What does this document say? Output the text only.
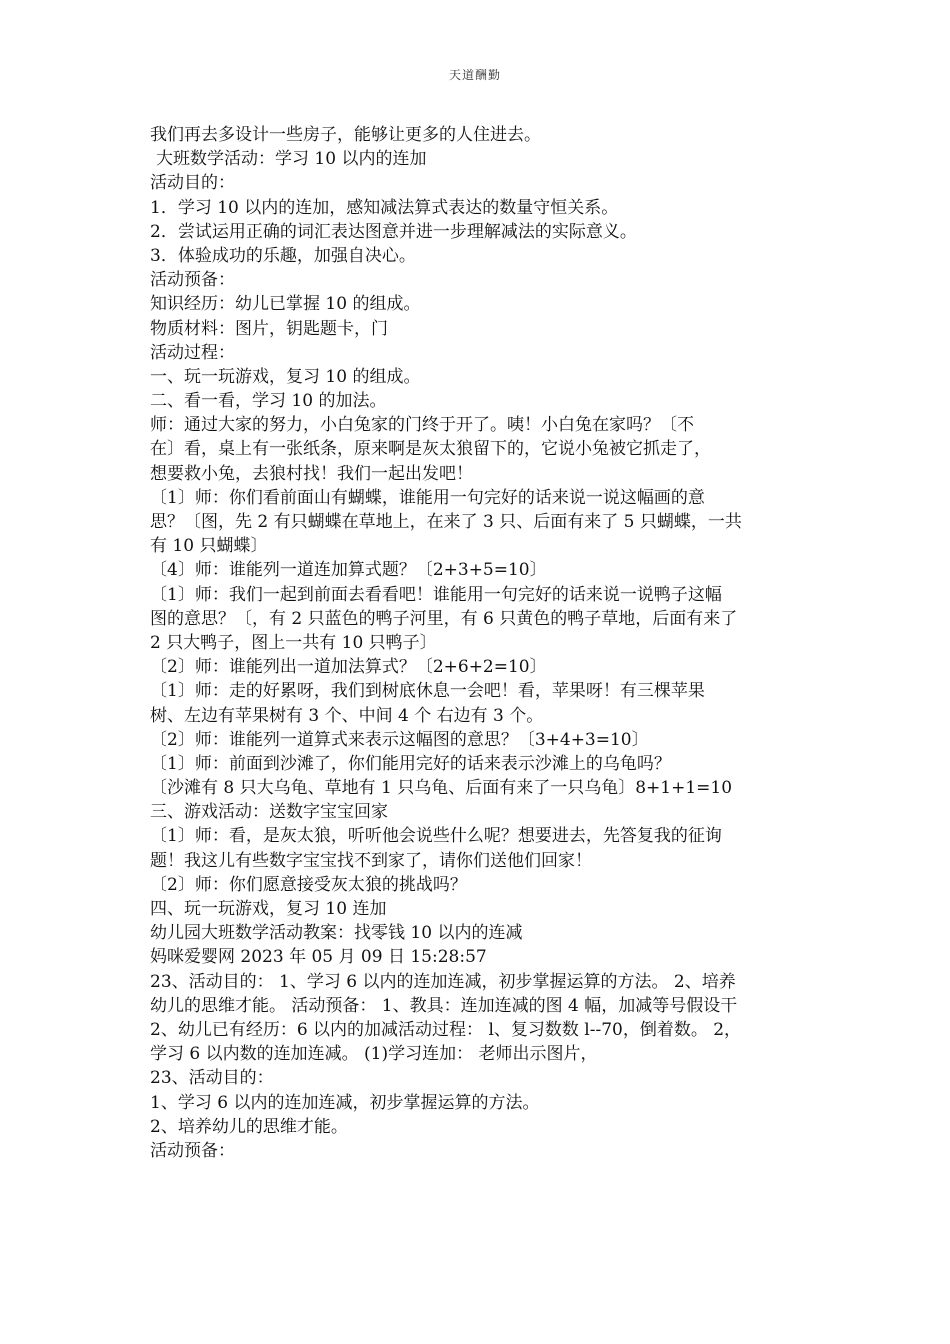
天道酬勤
我们再去多设计一些房子，能够让更多的人住进去。
大班数学活动：学习 10 以内的连加
活动目的：
1．学习 10 以内的连加，感知减法算式表达的数量守恒关系。
2．尝试运用正确的词汇表达图意并进一步理解减法的实际意义。
3．体验成功的乐趣，加强自决心。
活动预备：
知识经历：幼儿已掌握 10 的组成。
物质材料：图片，钥匙题卡，门
活动过程：
一、玩一玩游戏，复习 10 的组成。
二、看一看，学习 10 的加法。
师：通过大家的努力，小白兔家的门终于开了。咦！小白兔在家吗？〔不
在〕看，桌上有一张纸条，原来啊是灰太狼留下的，它说小兔被它抓走了，
想要救小兔，去狼村找！我们一起出发吧！
〔1〕师：你们看前面山有蝴蝶，谁能用一句完好的话来说一说这幅画的意
思？〔图，先 2 有只蝴蝶在草地上，在来了 3 只、后面有来了 5 只蝴蝶，一共
有 10 只蝴蝶〕
〔4〕师：谁能列一道连加算式题？〔2+3+5=10〕
〔1〕师：我们一起到前面去看看吧！谁能用一句完好的话来说一说鸭子这幅
图的意思？〔，有 2 只蓝色的鸭子河里，有 6 只黄色的鸭子草地，后面有来了
2 只大鸭子，图上一共有 10 只鸭子〕
〔2〕师：谁能列出一道加法算式？〔2+6+2=10〕
〔1〕师：走的好累呀，我们到树底休息一会吧！看，苹果呀！有三棵苹果
树、左边有苹果树有 3 个、中间 4 个 右边有 3 个。
〔2〕师：谁能列一道算式来表示这幅图的意思？〔3+4+3=10〕
〔1〕师：前面到沙滩了，你们能用完好的话来表示沙滩上的乌龟吗？
〔沙滩有 8 只大乌龟、草地有 1 只乌龟、后面有来了一只乌龟〕8+1+1=10
三、游戏活动：送数字宝宝回家
〔1〕师：看，是灰太狼，听听他会说些什么呢？想要进去，先答复我的征询
题！我这儿有些数字宝宝找不到家了，请你们送他们回家！
〔2〕师：你们愿意接受灰太狼的挑战吗？
四、玩一玩游戏，复习 10 连加
幼儿园大班数学活动教案：找零钱 10 以内的连减
妈咪爱婴网 2023 年 05 月 09 日 15:28:57
23、活动目的： 1、学习 6 以内的连加连减，初步掌握运算的方法。 2、培养
幼儿的思维才能。 活动预备： 1、教具：连加连减的图 4 幅，加减等号假设干
2、幼儿已有经历：6 以内的加减活动过程： l、复习数数 l--70，倒着数。 2，
学习 6 以内数的连加连减。 (1)学习连加： 老师出示图片，
23、活动目的：
1、学习 6 以内的连加连减，初步掌握运算的方法。
2、培养幼儿的思维才能。
活动预备：
